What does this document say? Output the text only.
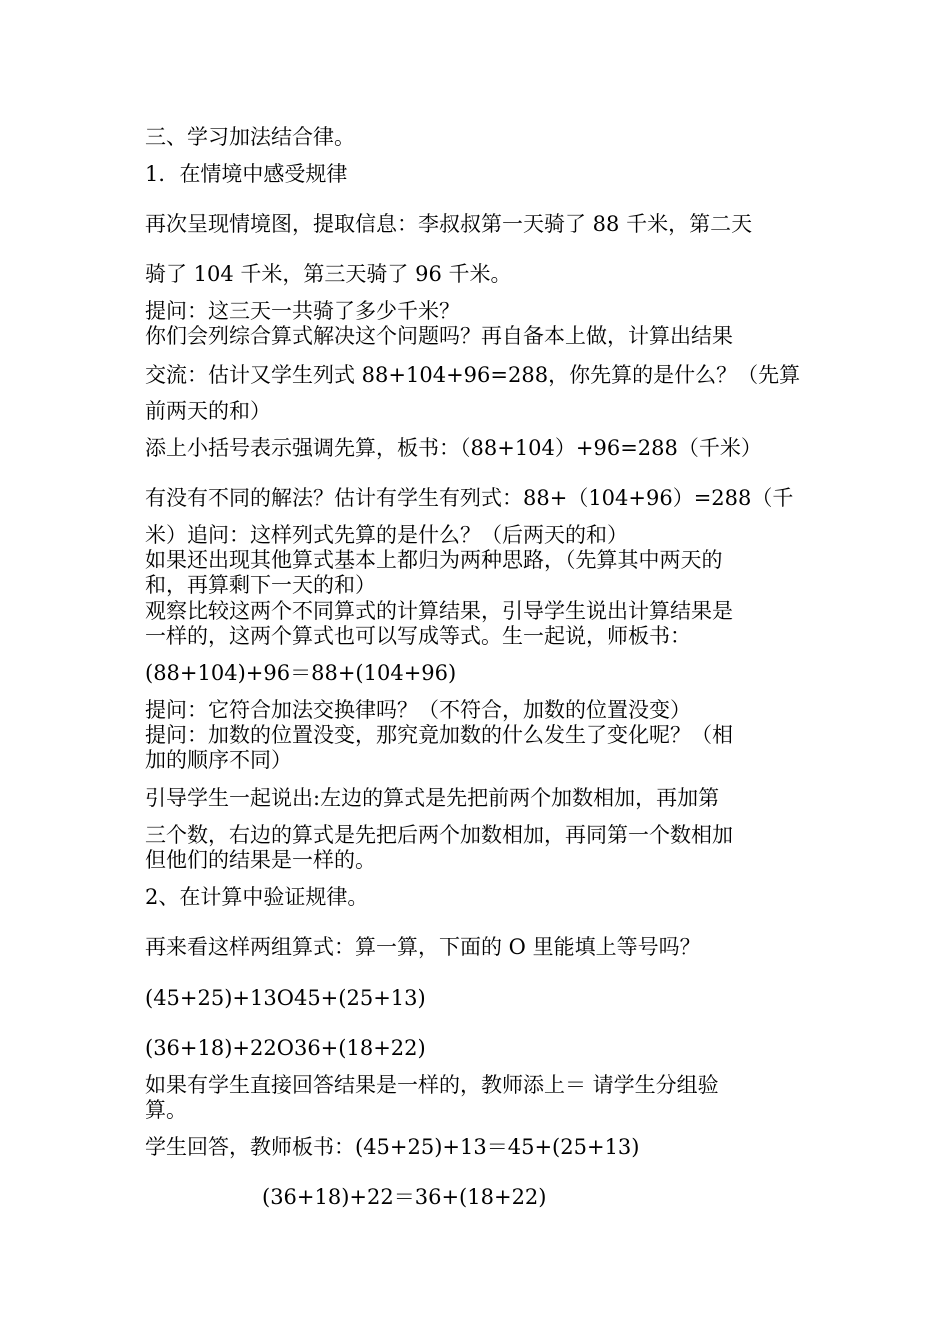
三、学习加法结合律。
1．在情境中感受规律
再次呈现情境图，提取信息：李叔叔第一天骑了 88 千米，第二天
骑了 104 千米，第三天骑了 96 千米。
提问：这三天一共骑了多少千米？
你们会列综合算式解决这个问题吗？再自备本上做，计算出结果
交流：估计又学生列式 88+104+96=288，你先算的是什么？（先算
前两天的和）
添上小括号表示强调先算，板书：（88+104）+96=288（千米）
有没有不同的解法？估计有学生有列式：88+（104+96）=288（千
米）追问：这样列式先算的是什么？（后两天的和）
如果还出现其他算式基本上都归为两种思路，（先算其中两天的
和，再算剩下一天的和）
观察比较这两个不同算式的计算结果，引导学生说出计算结果是
一样的，这两个算式也可以写成等式。生一起说，师板书：
(88+104)+96＝88+(104+96)
提问：它符合加法交换律吗？（不符合，加数的位置没变）
提问：加数的位置没变，那究竟加数的什么发生了变化呢？（相
加的顺序不同）
引导学生一起说出:左边的算式是先把前两个加数相加，再加第
三个数，右边的算式是先把后两个加数相加，再同第一个数相加
但他们的结果是一样的。
2、在计算中验证规律。
再来看这样两组算式：算一算，下面的 O 里能填上等号吗？
(45+25)+13O45+(25+13)
(36+18)+22O36+(18+22)
如果有学生直接回答结果是一样的，教师添上＝ 请学生分组验
算。
学生回答，教师板书：(45+25)+13＝45+(25+13)
(36+18)+22＝36+(18+22)
